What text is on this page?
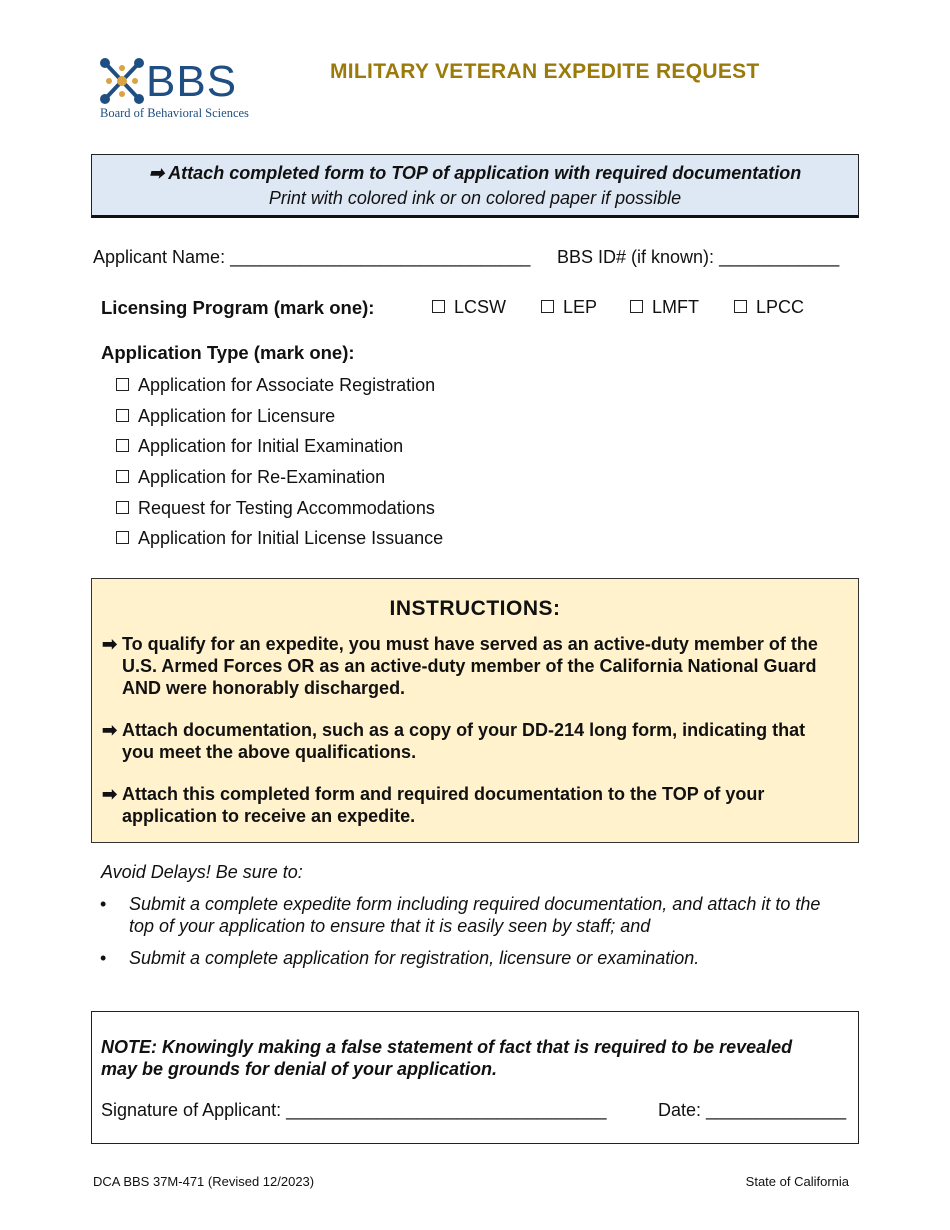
BBS
Board of Behavioral Sciences
MILITARY VETERAN EXPEDITE REQUEST
➡ Attach completed form to TOP of application with required documentation
Print with colored ink or on colored paper if possible
Applicant Name: ______________________________ BBS ID# (if known): ____________
Licensing Program (mark one):	LCSW	LEP	LMFT	LPCC
Application Type (mark one):
Application for Associate Registration
Application for Licensure
Application for Initial Examination
Application for Re-Examination
Request for Testing Accommodations
Application for Initial License Issuance
INSTRUCTIONS:
➡ To qualify for an expedite, you must have served as an active-duty member of the
U.S. Armed Forces OR as an active-duty member of the California National Guard
AND were honorably discharged.
➡ Attach documentation, such as a copy of your DD-214 long form, indicating that
you meet the above qualifications.
➡ Attach this completed form and required documentation to the TOP of your
application to receive an expedite.
Avoid Delays! Be sure to:
• Submit a complete expedite form including required documentation, and attach it to the
top of your application to ensure that it is easily seen by staff; and
• Submit a complete application for registration, licensure or examination.
NOTE: Knowingly making a false statement of fact that is required to be revealed
may be grounds for denial of your application.
Signature of Applicant: ________________________________	Date: ______________
DCA BBS 37M-471 (Revised 12/2023)	State of California
